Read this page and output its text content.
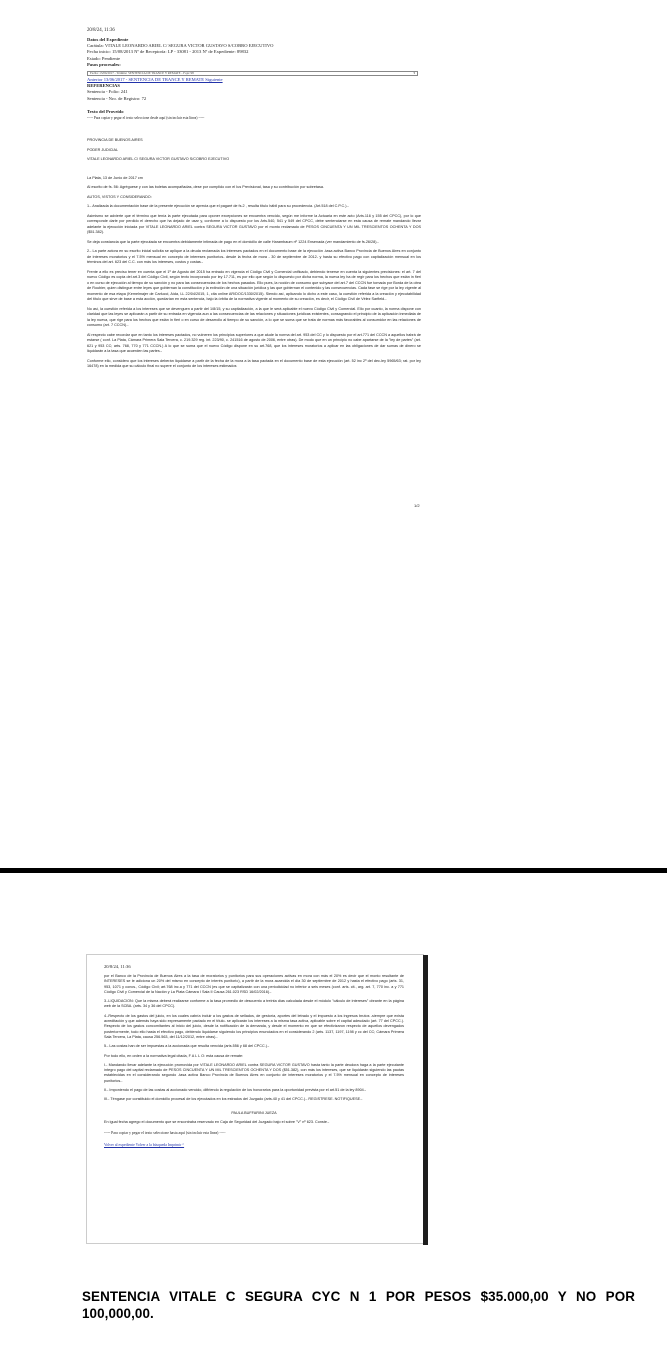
20/8/24, 11:36
Datos del Expediente
Carátula: VITALE LEONARDO ARIEL C/ SEGURA VICTOR GUSTAVO S/COBRO EJECUTIVO
Fecha inicio: 15/08/2013 Nº de Receptoría: LP - 33081 - 2013 Nº de Expediente: 89832
Estado: Pendiente
Pasos procesales:
▾
Fecha: 13/06/2017 - Trámite: SENTENCIA DE TRANCE Y REMATE - Foja: 98
Anterior 13/06/2017 - SENTENCIA DE TRANCE Y REMATE Siguiente
REFERENCIAS
Sentencia - Folio: 241
Sentencia - Nro. de Registro: 72
Texto del Proveído
----- Para copiar y pegar el texto seleccione desde aquí (sin incluir esta línea) -----

PROVINCIA DE BUENOS AIRES

PODER JUDICIAL

VITALE LEONARDO ARIEL C/ SEGURA VICTOR GUSTAVO S/COBRO EJECUTIVO

La Plata, 13 de Junio de 2017 cm

Al escrito de fs. 56: Agréguese y con las boletas acompañadas, dese por cumplido con el Ius Previsional, tasa y su contribución por sobretasa.

AUTOS, VISTOS Y CONSIDERANDO:

1.- Analizada la documentación base de la presente ejecución se aprecia que el pagaré de fs.2 , resulta título hábil para su procedencia. (Art.518 del C.P.C.).-

Asimismo se advierte que el término que tenía la parte ejecutada para oponer excepciones se encuentra vencido, según me informe la Actuaria en este acto (Arts.116 y 155 del CPCC), por lo que corresponde darle por perdido el derecho que ha dejado de usar y, conforme a lo dispuesto por los Arts.540, 541 y 549 del CPCC, debe sentenciarse en esta causa de remate mandando llevar adelante la ejecución iniciada por VITALE LEONARDO ARIEL contra SEGURA VICTOR GUSTAVO por el monto reclamado de PESOS CINCUENTA Y UN MIL TRESCIENTOS OCHENTA Y DOS ($51.382).

Se deja constancia que la parte ejecutada se encuentra debidamente intimada de pago en el domicilio de calle Harambaum nº 1224 Ensenada (ver mandamiento de fs.26/28).-

2.- La parte actora en su escrito inicial solicita se aplique a la deuda reclamada los intereses pactados en el documento base de la ejecución -tasa activa Banco Provincia de Buenos Aires en conjunto de intereses moratorios y el 7.5% mensual en concepto de intereses punitorios- desde la fecha de mora - 30 de septiembre de 2012- y hasta su efectivo pago con capitalización mensual en los términos del art. 623 del C.C. con más los intereses, costos y costas.-

Frente a ello es preciso tener en cuenta que el 1º de Agosto del 2015 ha entrado en vigencia el Código Civil y Comercial unificado, debiendo tenerse en cuenta la siguientes precisiones: el art. 7 del nuevo Código es copia del art.3 del Código Civil, según texto incorporado por ley 17.711, es por ello que según lo dispuesto por dicha norma, la nueva ley ha de regir para los hechos que están in fieri o en curso de ejecución al tiempo de su sanción y no para las consecuencias de los hechos pasados. Ello pues, la noción de consumo que subyace del art.7 del CCCN fue tomada por Borda de la obra de Roubier, quien distingue entre leyes que gobiernan la constitución y la extinción de una situación jurídica y las que gobiernan el contenido y las consecuencias. Cada fase se rige por la ley vigente al momento de esa etapa (Kemelmajer de Carlucci, Aída, LL 22/04/2015, 1, cita online AR/DOC/1330/2015). Siendo así, aplicando lo dicho a este caso, la cuestión referida a la creación y ejecutabilidad del título que sirve de base a esta acción, quedarían en esta sentencia, bajo la órbita de la normativa vigente al momento de su creación, es decir, el Código Civil de Vélez Sarfield.-

No así, la cuestión referida a los intereses que se devenguen a partir del 1/8/15, y su capitalización, a la que le será aplicable el nuevo Código Civil y Comercial. Ello por cuanto, la norma dispone con claridad que las leyes se aplicarán a partir de su entrada en vigencia aun a las consecuencias de las relaciones y situaciones jurídicas existentes, consagrando el principio de la aplicación inmediata de la ley nueva, que rige para los hechos que están in fieri o en curso de desarrollo al tiempo de su sanción, a lo que se suma que se trata de normas más favorables al consumidor en las relaciones de consumo (art. 7 CCCN).-

Al respecto cabe recordar que en tanto los intereses pactados, no vulneren los principios superiores a que alude la norma del art. 953 del CC y lo dispuesto por el art.771 del CCCN a aquellos habrá de estarse ( conf. La Plata, Cámara Primera Sala Tercera, c. 219.329 reg. int. 223/90, c. 241516 de agosto de 2006, entre otras). De modo que en un principio no cabe apartarse de la "ley de partes" (art. 621 y 953 CC; arts. 768, 770 y 771 CCCN.) A lo que se suma que el nuevo Código dispone en su art.768, que los intereses moratorios a aplicar en las obligaciones de dar sumas de dinero se liquidarán a la tasa que acuerden las partes.-

Conforme ello, considero que los intereses deberán liquidarse a partir de la fecha de la mora a la tasa pactada en el documento base de esta ejecución (art. 52 inc 2º del dec-ley 5965/63; rat. por ley 16478) en la medida que su cálculo final no supere el conjunto de los intereses estimados

1/2
20/8/24, 11:36

por el Banco de la Provincia de Buenos Aires a la tasa de moratorios y punitorios para sus operaciones activas en mora con más el 20% es decir que el monto resultante de INTERESES se le adiciona un 20% del mismo en concepto de interés punitorio), a partir de la mora acaecida el día 30 de septiembre de 2012 y hasta el efectivo pago (arts. 31, 953, 1071 y concs., Código Civil; art.768 inc.a y 771 del CCCN )es que se capitalizarán con una periodicidad no inferior a seis meses (conf. arts. cit., arg. art. 7, 770 inc. a y 771 Código Civil y Comercial de la Nación y La Plata Cámara I Sala II Causa 261.023 RSD 16/02/2016).-

3.-LIQUIDACION: Que la misma deberá realizarse conforme a la tasa promedio de descuento a treinta días calculada desde el módulo "cálculo de intereses" obrante en la página web de la SCBA. (arts. 34 y 36 del CPCC).

4.-Respecto de los gastos del juicio, en los cuales cabría incluir a los gastos de sellados, de gestoría, aportes del letrado y el impuesto a los ingresos brutos -siempre que exista acreditación y que además haya sido expresamente pactado en el título- se aplicarán los intereses a la misma tasa activa, aplicable sobre el capital adeudado (art. 77 del CPCC.). Respecto de los gastos concomitantes al inicio del juicio, desde la notificación de la demanda, y desde el momento en que se efectivizaron respecto de aquellos devengados posteriormente, todo ello hasta el efectivo pago, debiendo liquidarse siguiendo los principios enunciados en el considerando 2 (arts. 1137, 1197, 1198 y cc del CC; Cámara Primera Sala Tercera, La Plata, causa 256.563, del 11/12/2012, entre otras).-

5.- Las costas han de ser impuestas a la accionada que resulta vencida (arts.556 y 68 del CPCC.).-

Por todo ello, en orden a la normativa legal citada, F A L L O: esta causa de remate:

I.- Mandando llevar adelante la ejecución promovida por VITALE LEONARDO ARIEL contra SEGURA VICTOR GUSTAVO hasta tanto la parte deudora haga a la parte ejecutante íntegro pago del capital reclamado de PESOS CINCUENTA Y UN MIL TRESCIENTOS OCHENTA Y DOS ($51.382), con más los intereses, que se liquidarán siguiendo las pautas establecidas en el considerando segundo -tasa activa Banco Provincia de Buenos Aires en conjunto de intereses moratorios y el 7.5% mensual en concepto de intereses punitorios-.

II.- Imponiendo el pago de las costas al accionado vencido, difiriendo la regulación de los honorarios para la oportunidad prevista por el art.51 de la ley 8904.-

III.- Téngase por constituido el domicilio procesal de los ejecutados en los estrados del Juzgado (arts.40 y 41 del CPCC.).- REGISTRESE. NOTIFIQUESE.-

PAULA BUFFARINI JUEZA

En igual fecha agrego el documento que se encontraba reservado en Caja de Seguridad del Juzgado bajo el sobre "V" nº 623. Conste.-

----- Para copiar y pegar el texto seleccione hasta aquí (sin incluir esta línea) -----

Volver al expediente Volver a la búsqueda Imprimir ^

SENTENCIA VITALE C SEGURA CYC N 1 POR PESOS $35.000,00 Y NO POR 100,000,00.
